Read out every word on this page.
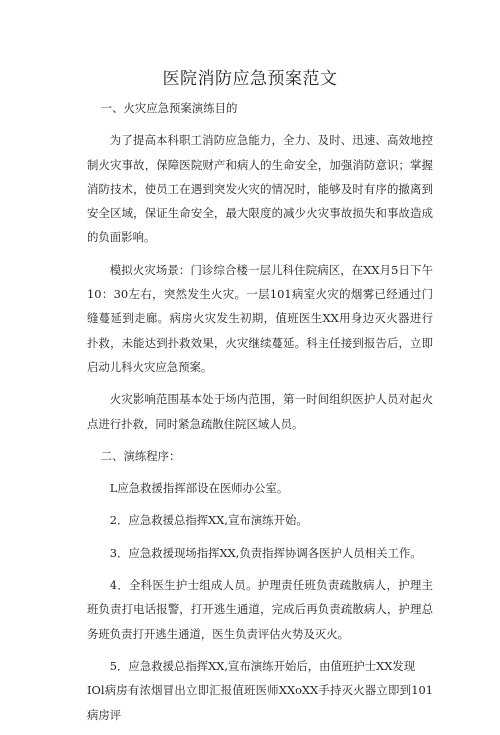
医院消防应急预案范文

一、火灾应急预案演练目的

为了提高本科职工消防应急能力，全力、及时、迅速、高效地控制火灾事故，保障医院财产和病人的生命安全，加强消防意识；掌握消防技术，使员工在遇到突发火灾的情况时，能够及时有序的撤离到安全区域，保证生命安全，最大限度的减少火灾事故损失和事故造成的负面影响。

模拟火灾场景：门诊综合楼一层儿科住院病区，在XX月5日下午10：30左右，突然发生火灾。一层101病室火灾的烟雾已经通过门缝蔓延到走廊。病房火灾发生初期，值班医生XX用身边灭火器进行扑救，未能达到扑救效果，火灾继续蔓延。科主任接到报告后，立即启动儿科火灾应急预案。

火灾影响范围基本处于场内范围，第一时间组织医护人员对起火点进行扑救，同时紧急疏散住院区域人员。

二、演练程序：

L应急救援指挥部设在医师办公室。

2．应急救援总指挥XX,宣布演练开始。

3．应急救援现场指挥XX,负责指挥协调各医护人员相关工作。

4．全科医生护士组成人员。护理责任班负责疏散病人，护理主班负责打电话报警，打开逃生通道，完成后再负责疏散病人，护理总务班负责打开逃生通道，医生负责评估火势及灭火。

5．应急救援总指挥XX,宣布演练开始后，由值班护士XX发现

IOl病房有浓烟冒出立即汇报值班医师XXoXX手持灭火器立即到101病房评
